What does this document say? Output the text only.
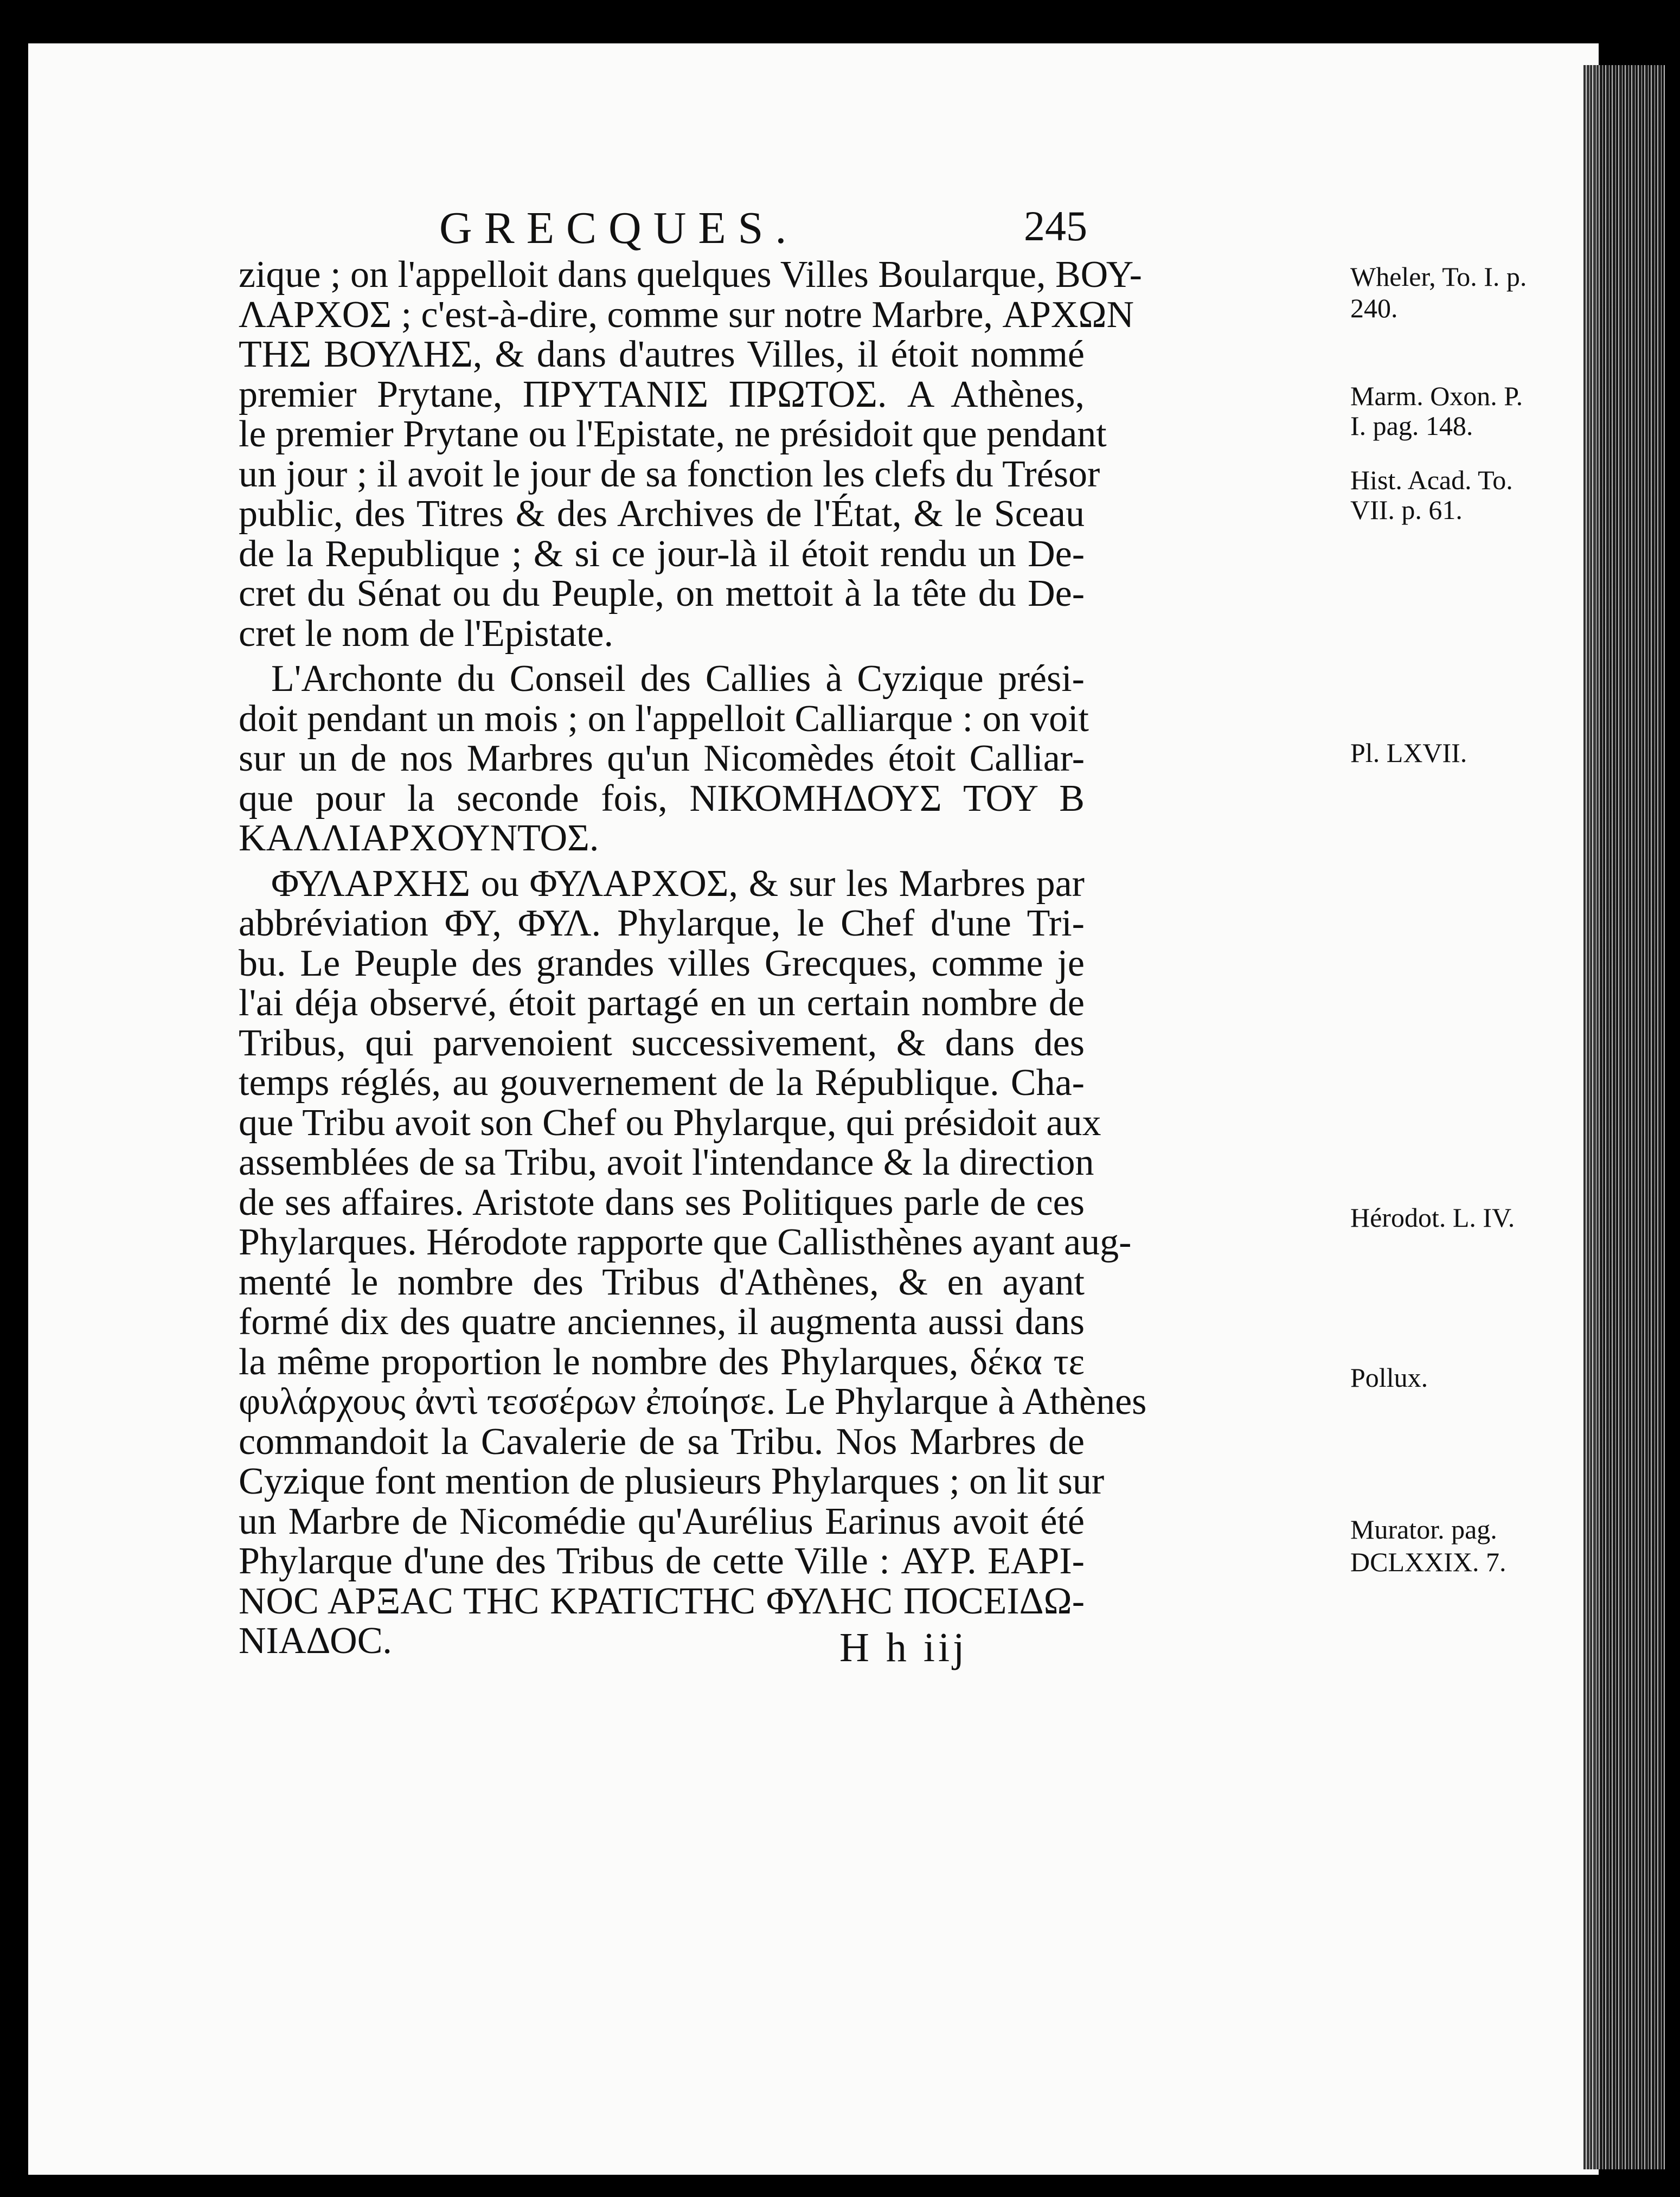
GRECQUES.	245
zique ; on l'appelloit dans quelques Villes Boularque, ΒΟΥ-
ΛΑΡΧΟΣ ; c'est-à-dire, comme sur notre Marbre, ΑΡΧΩΝ
ΤΗΣ ΒΟΥΛΗΣ, & dans d'autres Villes, il étoit nommé
premier Prytane, ΠΡΥΤΑΝΙΣ ΠΡΩΤΟΣ. A Athènes,
le premier Prytane ou l'Epistate, ne présidoit que pendant
un jour ; il avoit le jour de sa fonction les clefs du Trésor
public, des Titres & des Archives de l'État, & le Sceau
de la Republique ; & si ce jour-là il étoit rendu un De-
cret du Sénat ou du Peuple, on mettoit à la tête du De-
cret le nom de l'Epistate.
L'Archonte du Conseil des Callies à Cyzique prési-
doit pendant un mois ; on l'appelloit Calliarque : on voit
sur un de nos Marbres qu'un Nicomèdes étoit Calliar-
que pour la seconde fois, ΝΙΚΟΜΗΔΟΥΣ ΤΟΥ Β
ΚΑΛΛΙΑΡΧΟΥΝΤΟΣ.
ΦΥΛΑΡΧΗΣ ou ΦΥΛΑΡΧΟΣ, & sur les Marbres par
abbréviation ΦΥ, ΦΥΛ. Phylarque, le Chef d'une Tri-
bu. Le Peuple des grandes villes Grecques, comme je
l'ai déja observé, étoit partagé en un certain nombre de
Tribus, qui parvenoient successivement, & dans des
temps réglés, au gouvernement de la République. Cha-
que Tribu avoit son Chef ou Phylarque, qui présidoit aux
assemblées de sa Tribu, avoit l'intendance & la direction
de ses affaires. Aristote dans ses Politiques parle de ces
Phylarques. Hérodote rapporte que Callisthènes ayant aug-
menté le nombre des Tribus d'Athènes, & en ayant
formé dix des quatre anciennes, il augmenta aussi dans
la même proportion le nombre des Phylarques, δέκα τε
φυλάρχους ἀντὶ τεσσέρων ἐποίησε. Le Phylarque à Athènes
commandoit la Cavalerie de sa Tribu. Nos Marbres de
Cyzique font mention de plusieurs Phylarques ; on lit sur
un Marbre de Nicomédie qu'Aurélius Earinus avoit été
Phylarque d'une des Tribus de cette Ville : ΑΥΡ. ΕΑΡΙ-
ΝΟϹ ΑΡΞΑϹ ΤΗϹ ΚΡΑΤΙϹΤΗϹ ΦΥΛΗϹ ΠΟϹΕΙΔΩ-
ΝΙΑΔΟϹ.
Wheler, To. I. p.
240.
Marm. Oxon. P.
I. pag. 148.
Hist. Acad. To.
VII. p. 61.
Pl. LXVII.
Hérodot. L. IV.
Pollux.
Murator. pag.
DCLXXIX. 7.
H h iij
